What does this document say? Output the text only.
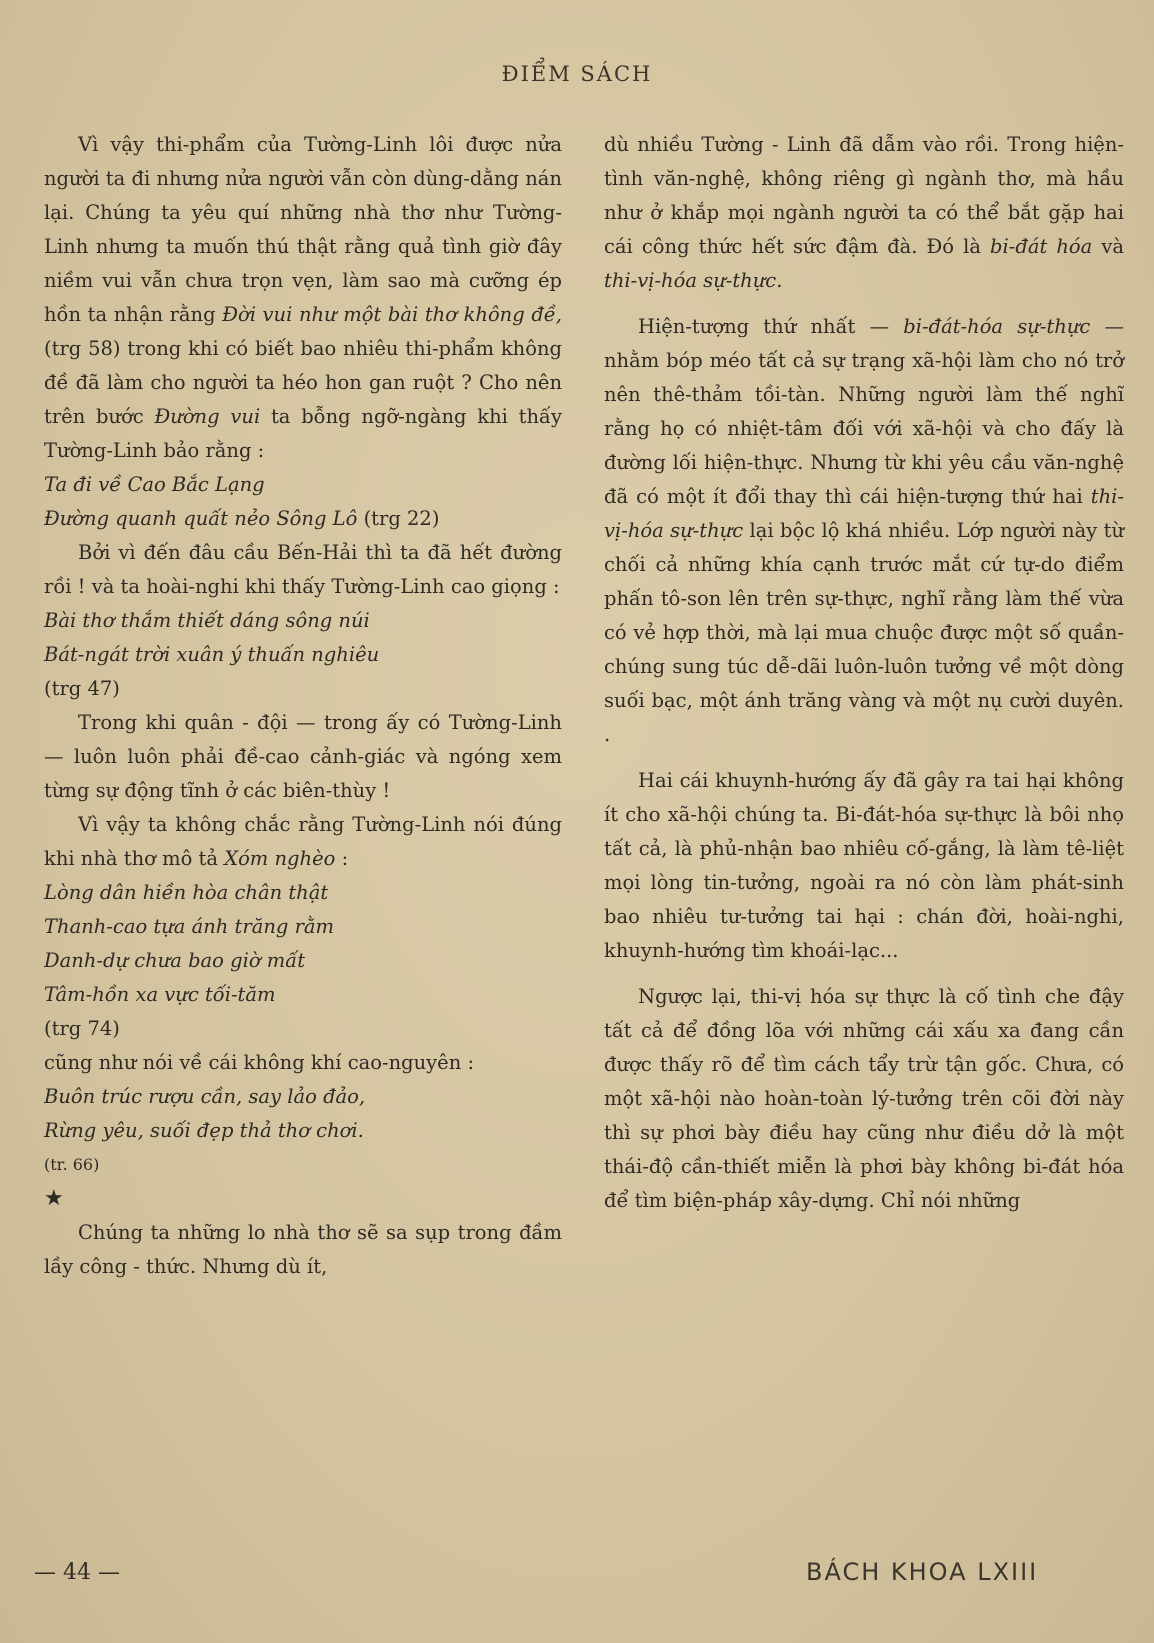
ĐIỂM SÁCH

Vì vậy thi-phẩm của Tường-Linh lôi được nửa người ta đi nhưng nửa người vẫn còn dùng-dằng nán lại. Chúng ta yêu quí những nhà thơ như Tường-Linh nhưng ta muốn thú thật rằng quả tình giờ đây niềm vui vẫn chưa trọn vẹn, làm sao mà cưỡng ép hồn ta nhận rằng Đời vui như một bài thơ không đề, (trg 58) trong khi có biết bao nhiêu thi-phẩm không đề đã làm cho người ta héo hon gan ruột ? Cho nên trên bước Đường vui ta bỗng ngỡ-ngàng khi thấy Tường-Linh bảo rằng :

Ta đi về Cao Bắc Lạng

Đường quanh quất nẻo Sông Lô (trg 22)

Bởi vì đến đâu cầu Bến-Hải thì ta đã hết đường rồi ! và ta hoài-nghi khi thấy Tường-Linh cao giọng :

Bài thơ thắm thiết dáng sông núi

Bát-ngát trời xuân ý thuấn nghiêu

(trg 47)

Trong khi quân - đội — trong ấy có Tường-Linh — luôn luôn phải đề-cao cảnh-giác và ngóng xem từng sự động tĩnh ở các biên-thùy !

Vì vậy ta không chắc rằng Tường-Linh nói đúng khi nhà thơ mô tả Xóm nghèo :

Lòng dân hiền hòa chân thật

Thanh-cao tựa ánh trăng rằm

Danh-dự chưa bao giờ mất

Tâm-hồn xa vực tối-tăm

(trg 74)

cũng như nói về cái không khí cao-nguyên :

Buôn trúc rượu cần, say lảo đảo,

Rừng yêu, suối đẹp thả thơ chơi.

(tr. 66)

★

Chúng ta những lo nhà thơ sẽ sa sụp trong đầm lầy công - thức. Nhưng dù ít,

dù nhiều Tường - Linh đã dẫm vào rồi. Trong hiện-tình văn-nghệ, không riêng gì ngành thơ, mà hầu như ở khắp mọi ngành người ta có thể bắt gặp hai cái công thức hết sức đậm đà. Đó là bi-đát hóa và thi-vị-hóa sự-thực.

Hiện-tượng thứ nhất — bi-đát-hóa sự-thực — nhằm bóp méo tất cả sự trạng xã-hội làm cho nó trở nên thê-thảm tồi-tàn. Những người làm thế nghĩ rằng họ có nhiệt-tâm đối với xã-hội và cho đấy là đường lối hiện-thực. Nhưng từ khi yêu cầu văn-nghệ đã có một ít đổi thay thì cái hiện-tượng thứ hai thi-vị-hóa sự-thực lại bộc lộ khá nhiều. Lớp người này từ chối cả những khía cạnh trước mắt cứ tự-do điểm phấn tô-son lên trên sự-thực, nghĩ rằng làm thế vừa có vẻ hợp thời, mà lại mua chuộc được một số quần-chúng sung túc dễ-dãi luôn-luôn tưởng về một dòng suối bạc, một ánh trăng vàng và một nụ cười duyên. .

Hai cái khuynh-hướng ấy đã gây ra tai hại không ít cho xã-hội chúng ta. Bi-đát-hóa sự-thực là bôi nhọ tất cả, là phủ-nhận bao nhiêu cố-gắng, là làm tê-liệt mọi lòng tin-tưởng, ngoài ra nó còn làm phát-sinh bao nhiêu tư-tưởng tai hại : chán đời, hoài-nghi, khuynh-hướng tìm khoái-lạc...

Ngược lại, thi-vị hóa sự thực là cố tình che đậy tất cả để đồng lõa với những cái xấu xa đang cần được thấy rõ để tìm cách tẩy trừ tận gốc. Chưa, có một xã-hội nào hoàn-toàn lý-tưởng trên cõi đời này thì sự phơi bày điều hay cũng như điều dở là một thái-độ cần-thiết miễn là phơi bày không bi-đát hóa để tìm biện-pháp xây-dựng. Chỉ nói những

— 44 —	BÁCH KHOA LXIII
